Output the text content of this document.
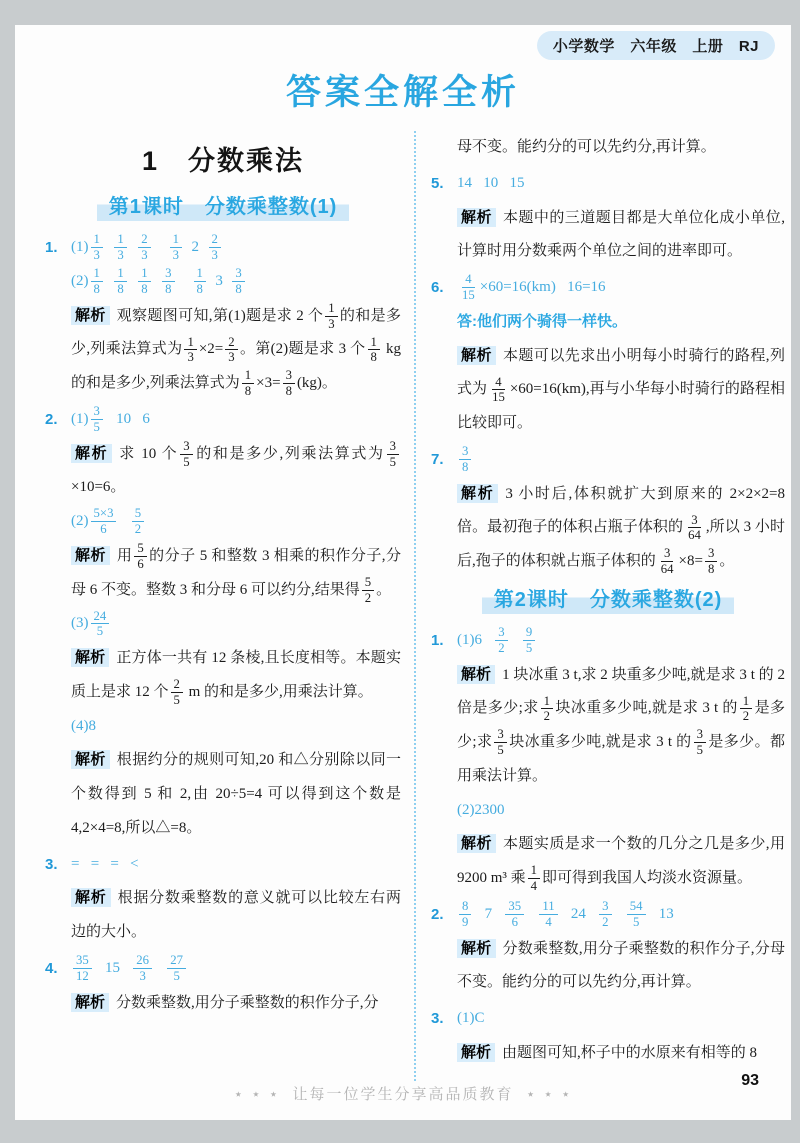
小学数学　六年级　上册　RJ
答案全解全析
1　分数乘法
第1课时　分数乘整数(1)
1. $(1) \frac{1}{3}$
$\frac{1}{3}$
$\frac{2}{3}$
$\frac{1}{3} 2 \frac{2}{3}$
$(2) \frac{1}{8}$
$\frac{1}{8}$
$\frac{1}{8}$
$\frac{3}{8}$
$\frac{1}{8} 3 \frac{3}{8}$
解析 观察题图可知,第(1)题是求 2 个 $\frac{1}{3}$ 的和是多少,列乘法算式为 $\frac{1}{3} \times 2= \frac{2}{3}$ 。第(2)题是求 3 个 $\frac{1}{8}$ kg的和是多少,列乘法算式为 $\frac{1}{8} \times 3= \frac{3}{8} (kg)$。
2. $(1) \frac{3}{5} 10$   6
解析 求 10 个 $\frac{3}{5}$ 的和是多少,列乘法算式为 $\frac{3}{5}$
×10=6。
$(2) \frac{5\times 3}{6}$
$\frac{5}{2}$
解析 用 $\frac{5}{6}$ 的分子 5 和整数 3 相乘的积作分子,分母 6 不变。整数 3 和分母 6 可以约分,结果得 $\frac{5}{2}$ 。
$(3) \frac{24}{5}$
解析 正方体一共有 12 条棱,且长度相等。本题实质上是求 12 个 $\frac{2}{5}$ m 的和是多少,用乘法计算。
(4)8
解析 根据约分的规则可知,20 和△分别除以同一个数得到 5 和 2,由 20÷5=4 可以得到这个数是 4,2×4=8,所以△=8。
3. =   =   =   <
解析 根据分数乘整数的意义就可以比较左右两边的大小。
4.	$\frac{35}{12} 15 \frac{26}{3}$
$\frac{27}{5}$
解析 分数乘整数,用分子乘整数的积作分子,分
母不变。能约分的可以先约分,再计算。
5. 14   10   15
解析 本题中的三道题目都是大单位化成小单位,计算时用分数乘两个单位之间的进率即可。
6.	$\frac{4}{15} \times 60=16(km)$   16=16
答:他们两个骑得一样快。
解析 本题可以先求出小明每小时骑行的路程,列式为 $\frac{4}{15} \times 60=16(km)$,再与小华每小时骑行的路程相比较即可。
7.	$\frac{3}{8}$
解析 3 小时后,体积就扩大到原来的 2×2×2=8 倍。最初孢子的体积占瓶子体积的 $\frac{3}{64}$ ,所以 3 小时后,孢子的体积就占瓶子体积的 $\frac{3}{64} \times 8= \frac{3}{8}$ 。
第2课时　分数乘整数(2)
1. $(1)6 \frac{3}{2}$
$\frac{9}{5}$
解析 1 块冰重 3 t,求 2 块重多少吨,就是求 3 t 的 2 倍是多少;求 $\frac{1}{2}$ 块冰重多少吨,就是求 3 t 的 $\frac{1}{2}$ 是多少;求 $\frac{3}{5}$ 块冰重多少吨,就是求 3 t 的 $\frac{3}{5}$ 是多少。都用乘法计算。
(2)2300
解析 本题实质是求一个数的几分之几是多少,用 9200 m³ 乘 $\frac{1}{4}$ 即可得到我国人均淡水资源量。
2.	$\frac{8}{9} 7 \frac{35}{6}$
$\frac{11}{4} 24 \frac{3}{2}$
$\frac{54}{5} 13$
解析 分数乘整数,用分子乘整数的积作分子,分母不变。能约分的可以先约分,再计算。
3. (1)C
解析 由题图可知,杯子中的水原来有相等的 8
⋆ ⋆ ⋆  让每一位学生分享高品质教育  ⋆ ⋆ ⋆
93
